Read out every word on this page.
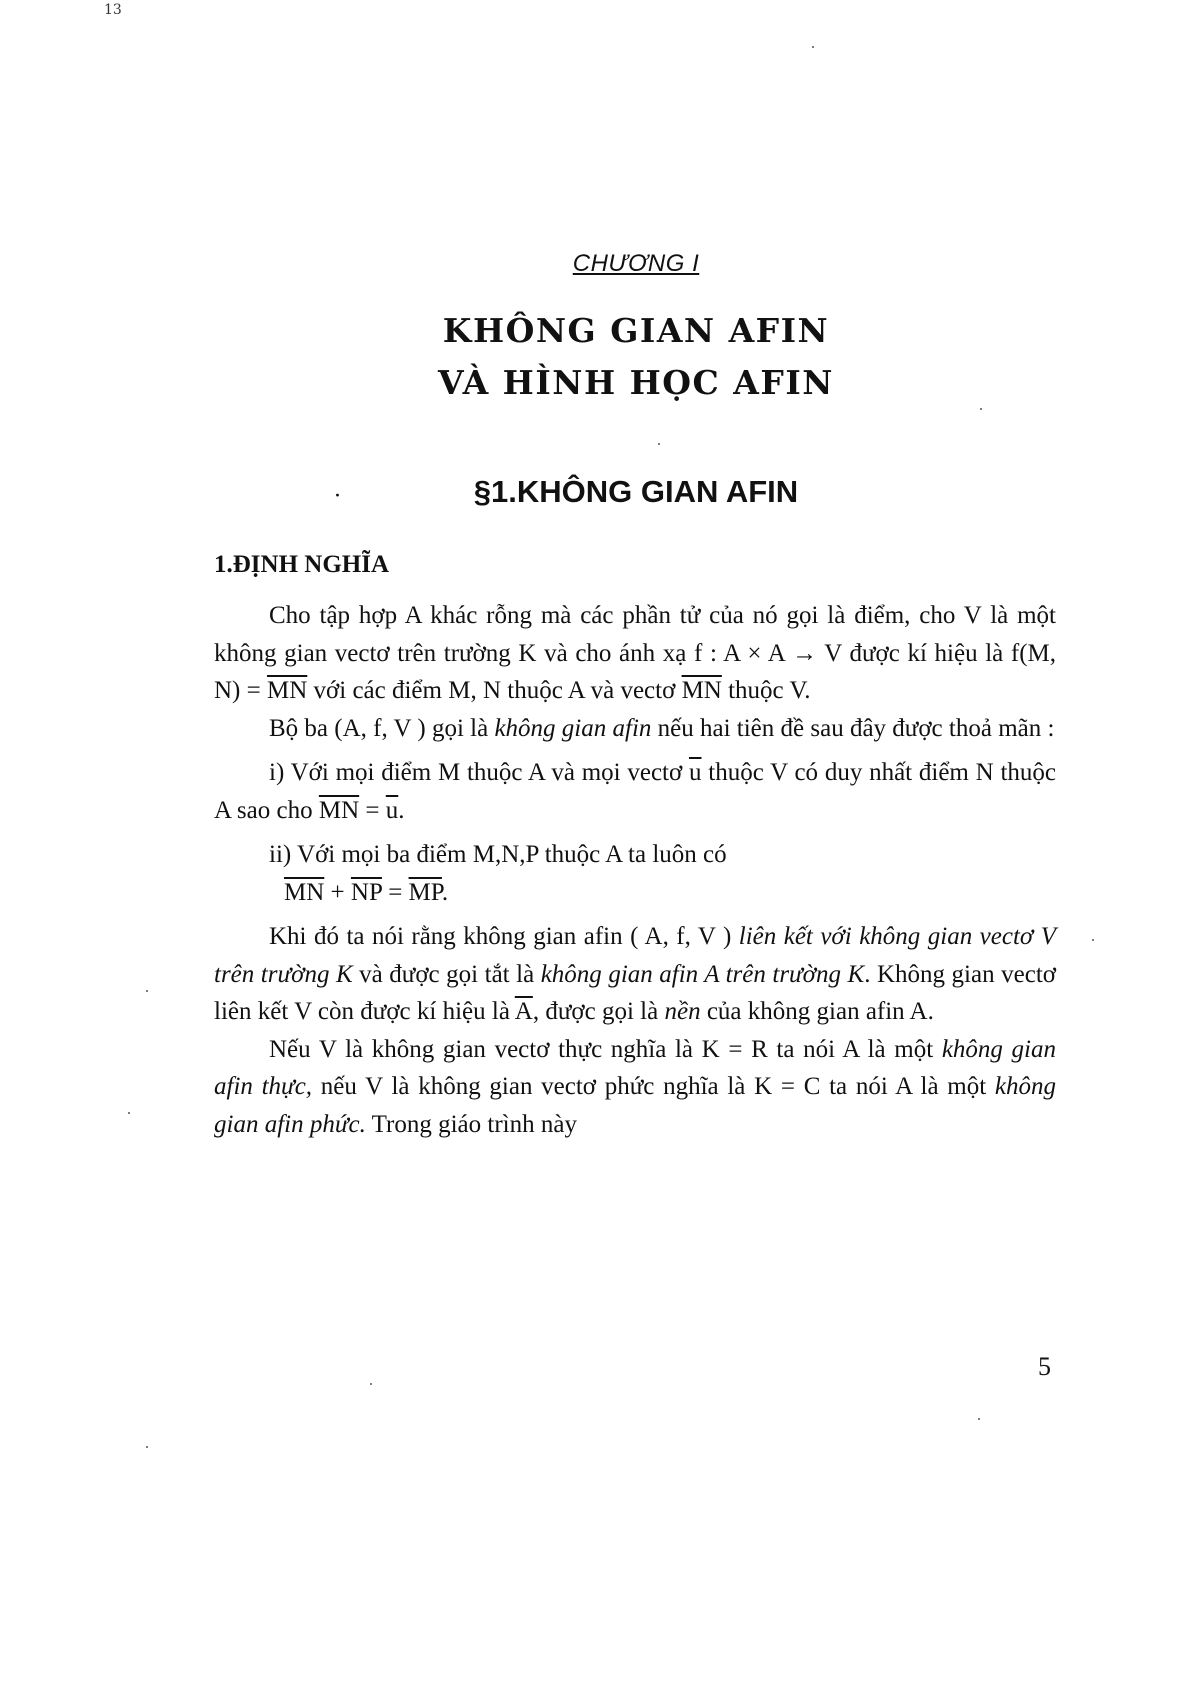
13
CHƯƠNG I
KHÔNG GIAN AFIN
VÀ HÌNH HỌC AFIN
·	§1.KHÔNG GIAN AFIN
1.ĐỊNH NGHĨA

Cho tập hợp A khác rỗng mà các phần tử của nó gọi là điểm, cho V là một không gian vectơ trên trường K và cho ánh xạ f : A × A → V được kí hiệu là f(M, $N) = \overline{MN}$ với các điểm M, N thuộc A và vectơ $\overline{MN}$ thuộc V.

Bộ ba (A, f, V ) gọi là không gian afin nếu hai tiên đề sau đây được thoả mãn :

i) Với mọi điểm M thuộc A và mọi vectơ $\overline{u}$ thuộc V có duy nhất điểm N thuộc A sao cho $\overline{MN} = \overline{u}$.

ii) Với mọi ba điểm M,N,P thuộc A ta luôn có

$\overline{MN} + \overline{NP} = \overline{MP}$.

Khi đó ta nói rằng không gian afin ( A, f, V ) liên kết với không gian vectơ V trên trường K và được gọi tắt là không gian afin A trên trường K. Không gian vectơ liên kết V còn được kí hiệu là $\overline{A}$, được gọi là nền của không gian afin A.

Nếu V là không gian vectơ thực nghĩa là K = R ta nói A là một không gian afin thực, nếu V là không gian vectơ phức nghĩa là K = C ta nói A là một không gian afin phức. Trong giáo trình này

5
